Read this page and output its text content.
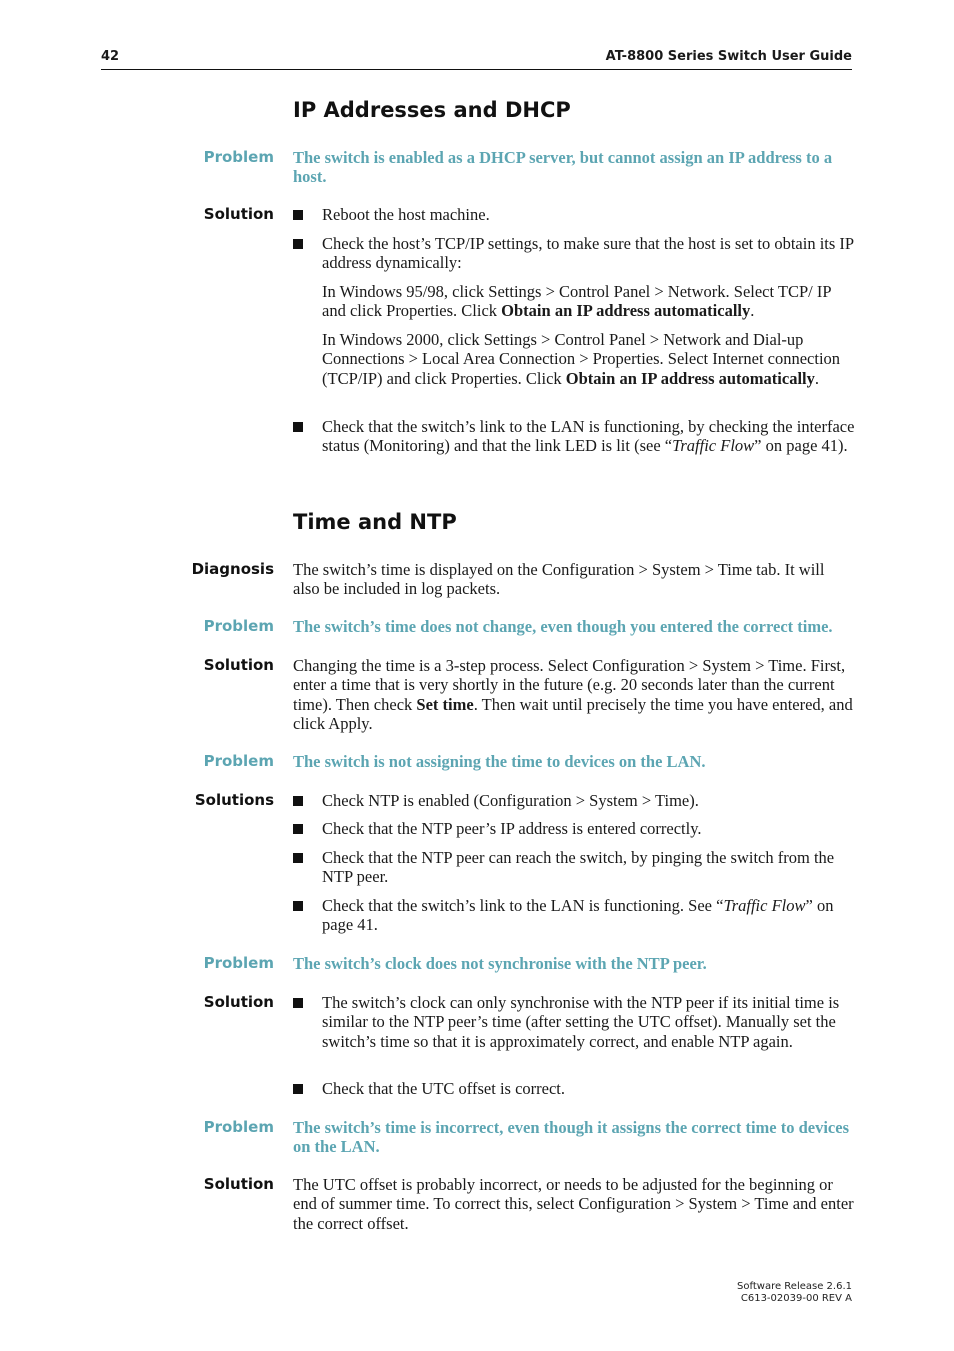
42	AT-8800 Series Switch User Guide
IP Addresses and DHCP
Problem The switch is enabled as a DHCP server, but cannot assign an IP address to a host.
Solution	Reboot the host machine.
Check the host’s TCP/IP settings, to make sure that the host is set to obtain its IP address dynamically:
In Windows 95/98, click Settings > Control Panel > Network. Select TCP/ IP and click Properties. Click Obtain an IP address automatically.
In Windows 2000, click Settings > Control Panel > Network and Dial-up Connections > Local Area Connection > Properties. Select Internet connection (TCP/IP) and click Properties. Click Obtain an IP address automatically.
Check that the switch’s link to the LAN is functioning, by checking the interface status (Monitoring) and that the link LED is lit (see “Traffic Flow” on page 41).
Time and NTP
Diagnosis The switch’s time is displayed on the Configuration > System > Time tab. It will also be included in log packets.
Problem The switch’s time does not change, even though you entered the correct time.
Solution Changing the time is a 3-step process. Select Configuration > System > Time. First, enter a time that is very shortly in the future (e.g. 20 seconds later than the current time). Then check Set time. Then wait until precisely the time you have entered, and click Apply.
Problem The switch is not assigning the time to devices on the LAN.
Solutions	Check NTP is enabled (Configuration > System > Time).
Check that the NTP peer’s IP address is entered correctly.
Check that the NTP peer can reach the switch, by pinging the switch from the NTP peer.
Check that the switch’s link to the LAN is functioning. See “Traffic Flow” on page 41.
Problem The switch’s clock does not synchronise with the NTP peer.
Solution	The switch’s clock can only synchronise with the NTP peer if its initial time is similar to the NTP peer’s time (after setting the UTC offset). Manually set the switch’s time so that it is approximately correct, and enable NTP again.
Check that the UTC offset is correct.
Problem The switch’s time is incorrect, even though it assigns the correct time to devices on the LAN.
Solution The UTC offset is probably incorrect, or needs to be adjusted for the beginning or end of summer time. To correct this, select Configuration > System > Time and enter the correct offset.
Software Release 2.6.1
C613-02039-00 REV A
